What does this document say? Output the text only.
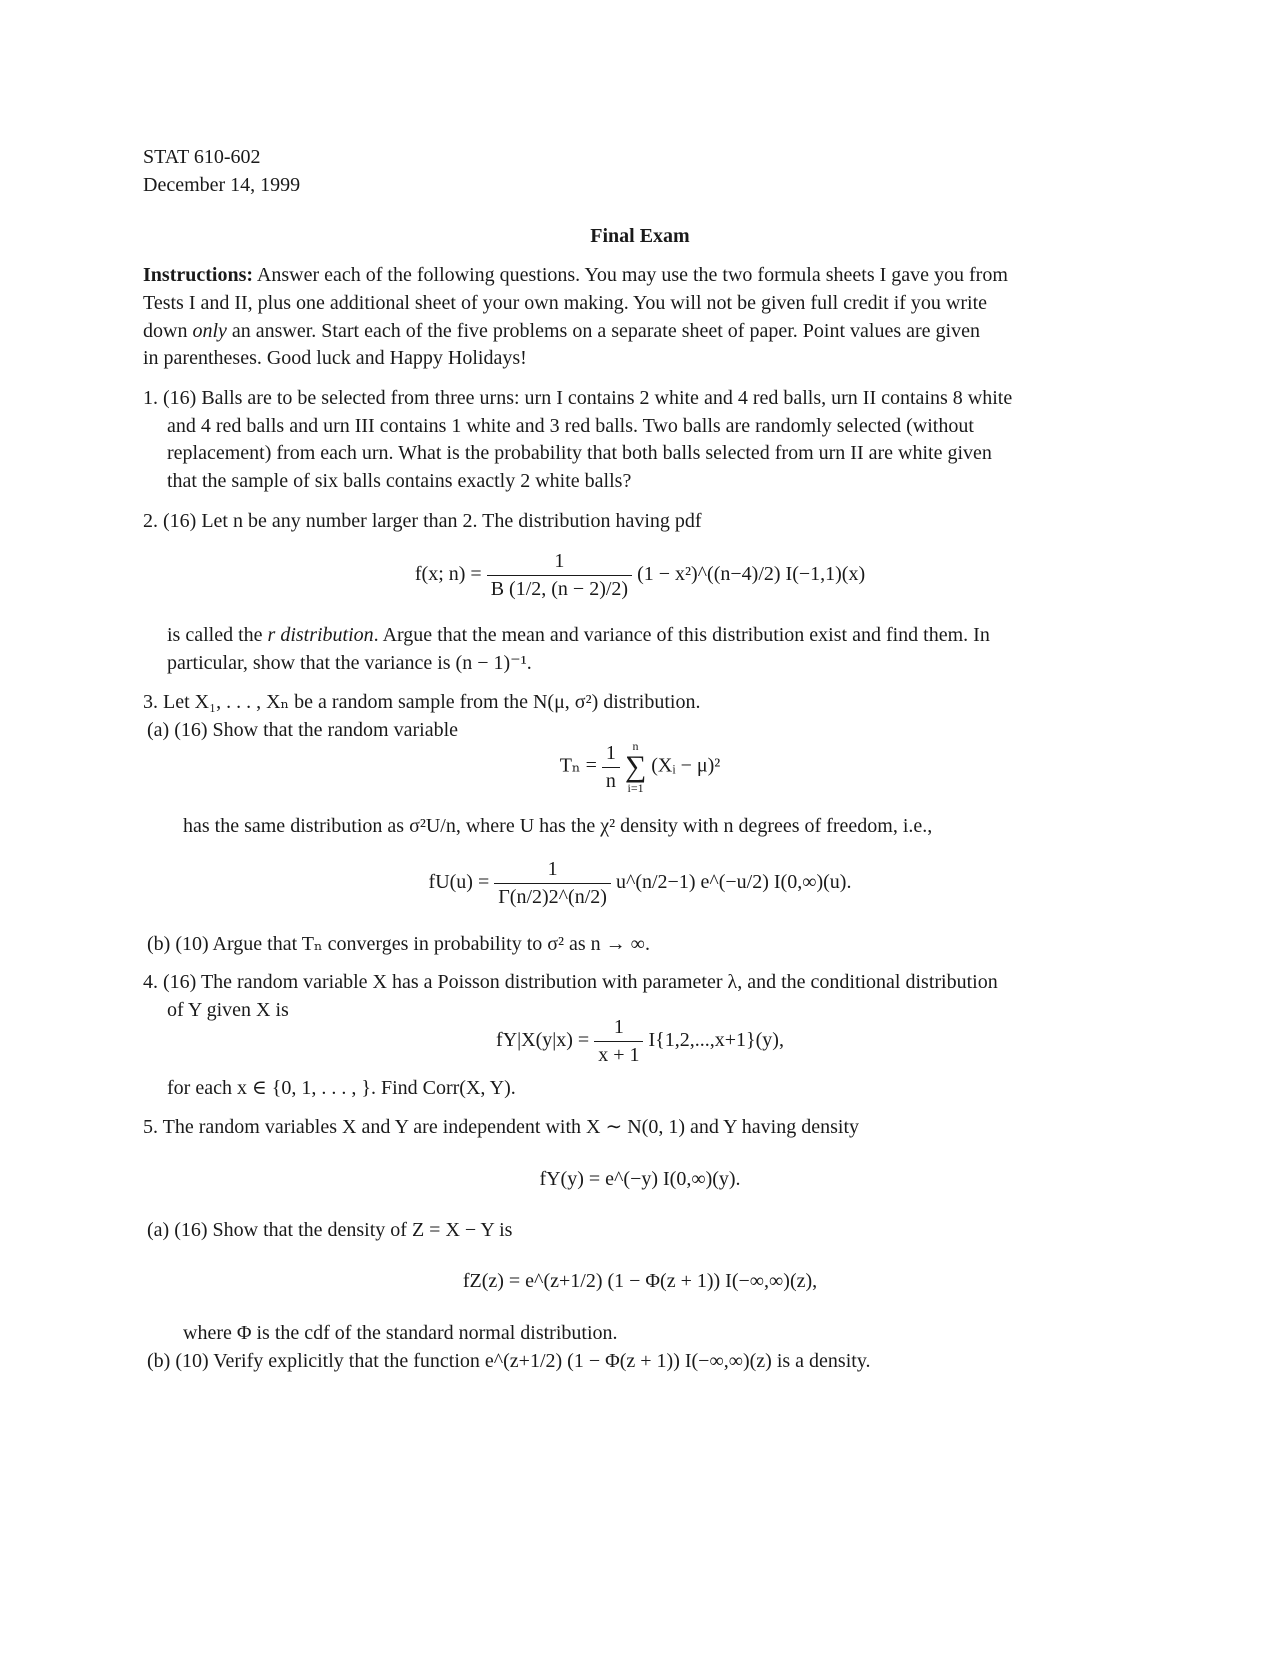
STAT 610-602
December 14, 1999
Final Exam
Instructions: Answer each of the following questions. You may use the two formula sheets I gave you from
Tests I and II, plus one additional sheet of your own making. You will not be given full credit if you write
down only an answer. Start each of the five problems on a separate sheet of paper. Point values are given
in parentheses. Good luck and Happy Holidays!
1. (16) Balls are to be selected from three urns: urn I contains 2 white and 4 red balls, urn II contains 8 white
and 4 red balls and urn III contains 1 white and 3 red balls. Two balls are randomly selected (without
replacement) from each urn. What is the probability that both balls selected from urn II are white given
that the sample of six balls contains exactly 2 white balls?
2. (16) Let n be any number larger than 2. The distribution having pdf
f(x; $n) = \frac{1}{B (1/2, (n - 2)/2)} (1$ − x²)^((n−4)/2) I(−1,1)(x)
is called the r distribution. Argue that the mean and variance of this distribution exist and find them. In
particular, show that the variance is (n − 1)⁻¹.
3. Let X₁, . . . , Xₙ be a random sample from the N(μ, σ²) distribution.
(a) (16) Show that the random variable
$T_n = \frac{1}{n}$
	n
∑
i=1
(Xᵢ − μ)²
has the same distribution as σ²U/n, where U has the χ² density with n degrees of freedom, i.e.,
$fU(u) = \frac{1}{\Gamma(n/2)2\^{}(n/2)}$ u^(n/2−1) e^(−u/2) I(0,∞)(u).
(b) (10) Argue that Tₙ converges in probability to σ² as n → ∞.
4. (16) The random variable X has a Poisson distribution with parameter λ, and the conditional distribution
of Y given X is
$fY|X(y|x) = \frac{1}{x + 1} I\{1,2,...,x+1\}(y)$,
for each x ∈ {0, 1, . . . , }. Find Corr(X, Y).
5. The random variables X and Y are independent with X ∼ N(0, 1) and Y having density
fY(y) = e^(−y) I(0,∞)(y).
(a) (16) Show that the density of Z = X − Y is
fZ(z) = e^(z+1/2) (1 − Φ(z + 1)) I(−∞,∞)(z),
where Φ is the cdf of the standard normal distribution.
(b) (10) Verify explicitly that the function e^(z+1/2) (1 − Φ(z + 1)) I(−∞,∞)(z) is a density.
